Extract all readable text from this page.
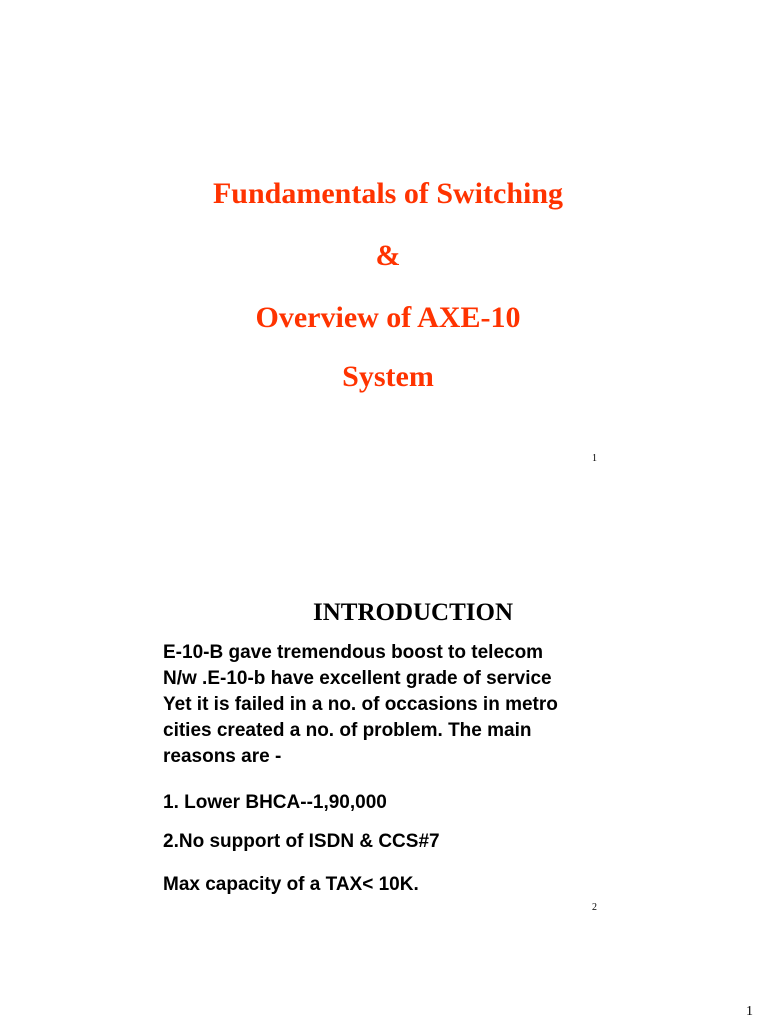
Fundamentals of Switching
&
Overview of AXE-10
System
1
INTRODUCTION
E-10-B gave tremendous boost to telecom
N/w .E-10-b have excellent grade of service
Yet it is failed in a no. of occasions in metro
cities created a no. of problem. The main
reasons are -
1. Lower BHCA--1,90,000
2.No support of ISDN & CCS#7
Max capacity of a TAX< 10K.
2
1
